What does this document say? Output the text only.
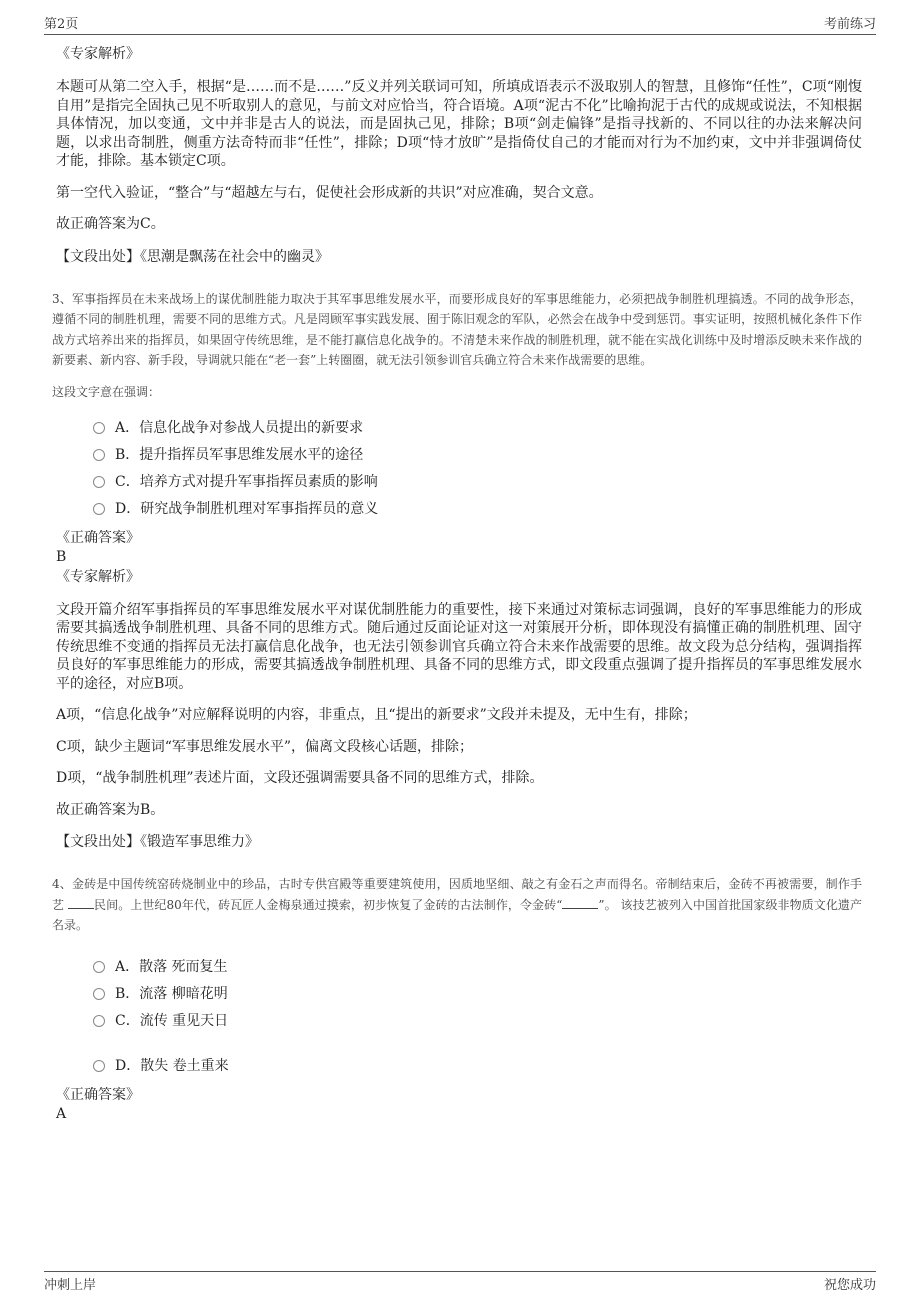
第2页	考前练习

《专家解析》

本题可从第二空入手，根据“是……而不是……”反义并列关联词可知，所填成语表示不汲取别人的智慧，且修饰“任性”，C项“刚愎自用”是指完全固执己见不听取别人的意见，与前文对应恰当，符合语境。A项“泥古不化”比喻拘泥于古代的成规或说法，不知根据具体情况，加以变通，文中并非是古人的说法，而是固执己见，排除；B项“剑走偏锋”是指寻找新的、不同以往的办法来解决问题，以求出奇制胜，侧重方法奇特而非“任性”，排除；D项“恃才放旷”是指倚仗自己的才能而对行为不加约束，文中并非强调倚仗才能，排除。基本锁定C项。

第一空代入验证，“整合”与“超越左与右，促使社会形成新的共识”对应准确，契合文意。

故正确答案为C。

【文段出处】《思潮是飘荡在社会中的幽灵》

3、军事指挥员在未来战场上的谋优制胜能力取决于其军事思维发展水平，而要形成良好的军事思维能力，必须把战争制胜机理搞透。不同的战争形态，遵循不同的制胜机理，需要不同的思维方式。凡是罔顾军事实践发展、囿于陈旧观念的军队，必然会在战争中受到惩罚。事实证明，按照机械化条件下作战方式培养出来的指挥员，如果固守传统思维，是不能打赢信息化战争的。不清楚未来作战的制胜机理，就不能在实战化训练中及时增添反映未来作战的新要素、新内容、新手段，导调就只能在“老一套”上转圈圈，就无法引领参训官兵确立符合未来作战需要的思维。

这段文字意在强调：

A．信息化战争对参战人员提出的新要求
B．提升指挥员军事思维发展水平的途径
C．培养方式对提升军事指挥员素质的影响
D．研究战争制胜机理对军事指挥员的意义

《正确答案》

B

《专家解析》

文段开篇介绍军事指挥员的军事思维发展水平对谋优制胜能力的重要性，接下来通过对策标志词强调，良好的军事思维能力的形成需要其搞透战争制胜机理、具备不同的思维方式。随后通过反面论证对这一对策展开分析，即体现没有搞懂正确的制胜机理、固守传统思维不变通的指挥员无法打赢信息化战争，也无法引领参训官兵确立符合未来作战需要的思维。故文段为总分结构，强调指挥员良好的军事思维能力的形成，需要其搞透战争制胜机理、具备不同的思维方式，即文段重点强调了提升指挥员的军事思维发展水平的途径，对应B项。

A项，“信息化战争”对应解释说明的内容，非重点，且“提出的新要求”文段并未提及，无中生有，排除；

C项，缺少主题词“军事思维发展水平”，偏离文段核心话题，排除；

D项，“战争制胜机理”表述片面，文段还强调需要具备不同的思维方式，排除。

故正确答案为B。

【文段出处】《锻造军事思维力》

4、金砖是中国传统窑砖烧制业中的珍品，古时专供宫殿等重要建筑使用，因质地坚细、敲之有金石之声而得名。帝制结束后，金砖不再被需要，制作手艺 民间。上世纪80年代，砖瓦匠人金梅泉通过摸索，初步恢复了金砖的古法制作，令金砖“	”。 该技艺被列入中国首批国家级非物质文化遗产名录。

A．散落 死而复生
B．流落 柳暗花明
C．流传 重见天日
D．散失 卷土重来

《正确答案》

A

冲刺上岸	祝您成功
